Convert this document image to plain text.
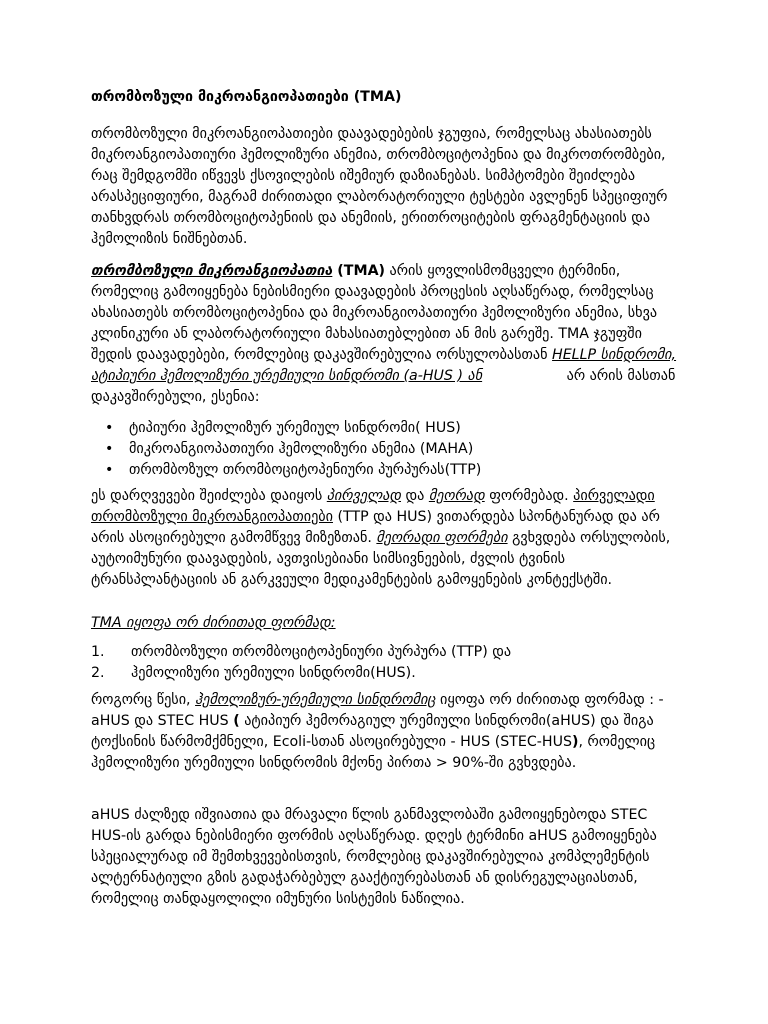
თრომბოზული მიკროანგიოპათიები (TMA)

თრომბოზული მიკროანგიოპათიები დაავადებების ჯგუფია, რომელსაც ახასიათებს მიკროანგიოპათიური ჰემოლიზური ანემია, თრომბოციტოპენია და მიკროთრომბები, რაც შემდგომში იწვევს ქსოვილების იშემიურ დაზიანებას. სიმპტომები შეიძლება არასპეციფიური, მაგრამ ძირითადი ლაბორატორიული ტესტები ავლენენ სპეციფიურ თანხვდრას თრომბოციტოპენიის და ანემიის, ერითროციტების ფრაგმენტაციის და ჰემოლიზის ნიშნებთან.

თრომბოზული მიკროანგიოპათია (TMA) არის ყოვლისმომცველი ტერმინი, რომელიც გამოიყენება ნებისმიერი დაავადების პროცესის აღსაწერად, რომელსაც ახასიათებს თრომბოციტოპენია და მიკროანგიოპათიური ჰემოლიზური ანემია, სხვა კლინიკური ან ლაბორატორიული მახასიათებლებით ან მის გარეშე. TMA ჯგუფში შედის დაავადებები, რომლებიც დაკავშირებულია ორსულობასთან HELLP სინდრომი, ატიპიური ჰემოლიზური ურემიული სინდრომი (a-HUS ) ან	არ არის მასთან დაკავშირებული, ესენია:

• ტიპიური ჰემოლიზურ ურემიულ სინდრომი( HUS)
• მიკროანგიოპათიური ჰემოლიზური ანემია (MAHA)
• თრომბოზულ თრომბოციტოპენიური პურპურას(TTP)

ეს დარღვევები შეიძლება დაიყოს პირველად და მეორად ფორმებად. პირველადი თრომბოზული მიკროანგიოპათიები (TTP და HUS) ვითარდება სპონტანურად და არ არის ასოცირებული გამომწვევ მიზეზთან. მეორადი ფორმები გვხვდება ორსულობის, აუტოიმუნური დაავადების, ავთვისებიანი სიმსივნეების, ძვლის ტვინის ტრანსპლანტაციის ან გარკვეული მედიკამენტების გამოყენების კონტექსტში.

TMA იყოფა ორ ძირითად ფორმად:

1. თრომბოზული თრომბოციტოპენიური პურპურა (TTP) და
2. ჰემოლიზური ურემიული სინდრომი(HUS).

როგორც წესი, ჰემოლიზურ-ურემიული სინდრომიც იყოფა ორ ძირითად ფორმად : - aHUS და STEC HUS ( ატიპიურ ჰემორაგიულ ურემიული სინდრომი(aHUS) და შიგა ტოქსინის წარმომქმნელი, Ecoli-სთან ასოცირებული - HUS (STEC-HUS), რომელიც ჰემოლიზური ურემიული სინდრომის მქონე პირთა > 90%-ში გვხვდება.

aHUS ძალზედ იშვიათია და მრავალი წლის განმავლობაში გამოიყენებოდა STEC HUS-ის გარდა ნებისმიერი ფორმის აღსაწერად. დღეს ტერმინი aHUS გამოიყენება სპეციალურად იმ შემთხვევებისთვის, რომლებიც დაკავშირებულია კომპლემენტის ალტერნატიული გზის გადაჭარბებულ გააქტიურებასთან ან დისრეგულაციასთან, რომელიც თანდაყოლილი იმუნური სისტემის ნაწილია.
